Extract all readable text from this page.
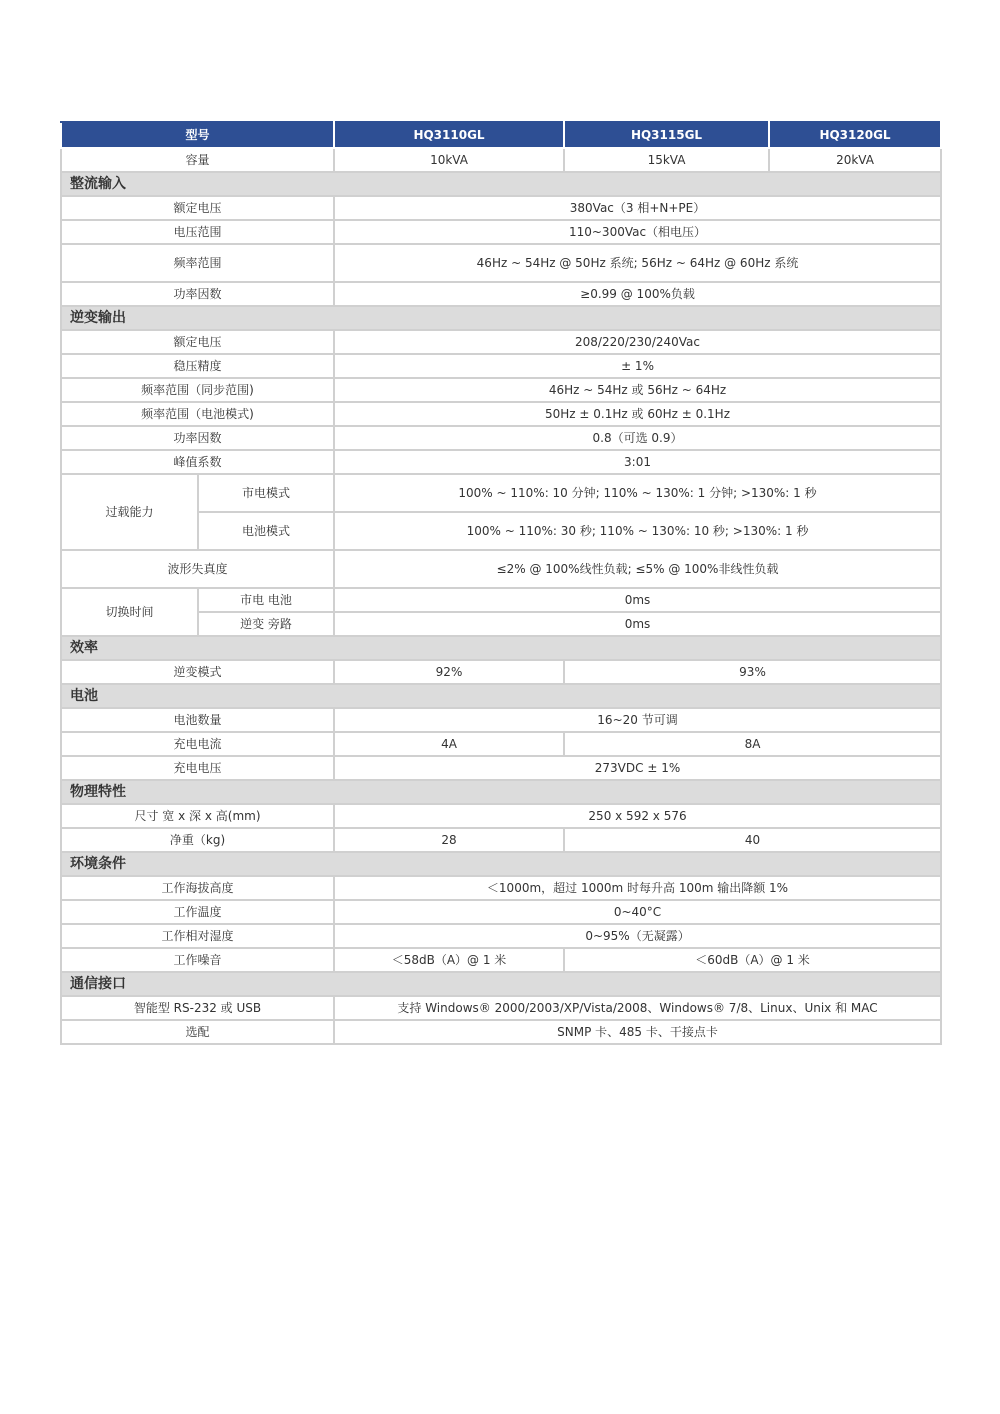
型号		HQ3110GL	HQ3115GL	HQ3120GL
容量		10kVA	15kVA	20kVA
整流输入				
额定电压		380Vac（3 相+N+PE）		
电压范围		110~300Vac（相电压）		
频率范围		46Hz ~ 54Hz @ 50Hz 系统; 56Hz ~ 64Hz @ 60Hz 系统		
功率因数		≥0.99 @ 100%负载		
逆变输出				
额定电压		208/220/230/240Vac		
稳压精度		± 1%		
频率范围（同步范围)		46Hz ~ 54Hz 或 56Hz ~ 64Hz		
频率范围（电池模式)		50Hz ± 0.1Hz 或 60Hz ± 0.1Hz		
功率因数		0.8（可选 0.9）		
峰值系数		3:01		
过载能力	市电模式	100% ~ 110%: 10 分钟; 110% ~ 130%: 1 分钟; >130%: 1 秒		
	电池模式	100% ~ 110%: 30 秒; 110% ~ 130%: 10 秒; >130%: 1 秒		
波形失真度		≤2% @ 100%线性负载; ≤5% @ 100%非线性负载		
切换时间	市电 电池	0ms		
	逆变 旁路	0ms		
效率				
逆变模式		92%	93%	
电池				
电池数量		16~20 节可调		
充电电流		4A	8A	
充电电压		273VDC ± 1%		
物理特性				
尺寸 宽 x 深 x 高(mm)		250 x 592 x 576		
净重（kg)		28	40	
环境条件				
工作海拔高度		＜1000m，超过 1000m 时每升高 100m 输出降额 1%		
工作温度		0~40°C		
工作相对湿度		0~95%（无凝露）		
工作噪音		＜58dB（A）@ 1 米	＜60dB（A）@ 1 米	
通信接口				
智能型 RS-232 或 USB		支持 Windows® 2000/2003/XP/Vista/2008、Windows® 7/8、Linux、Unix 和 MAC		
选配		SNMP 卡、485 卡、干接点卡		
